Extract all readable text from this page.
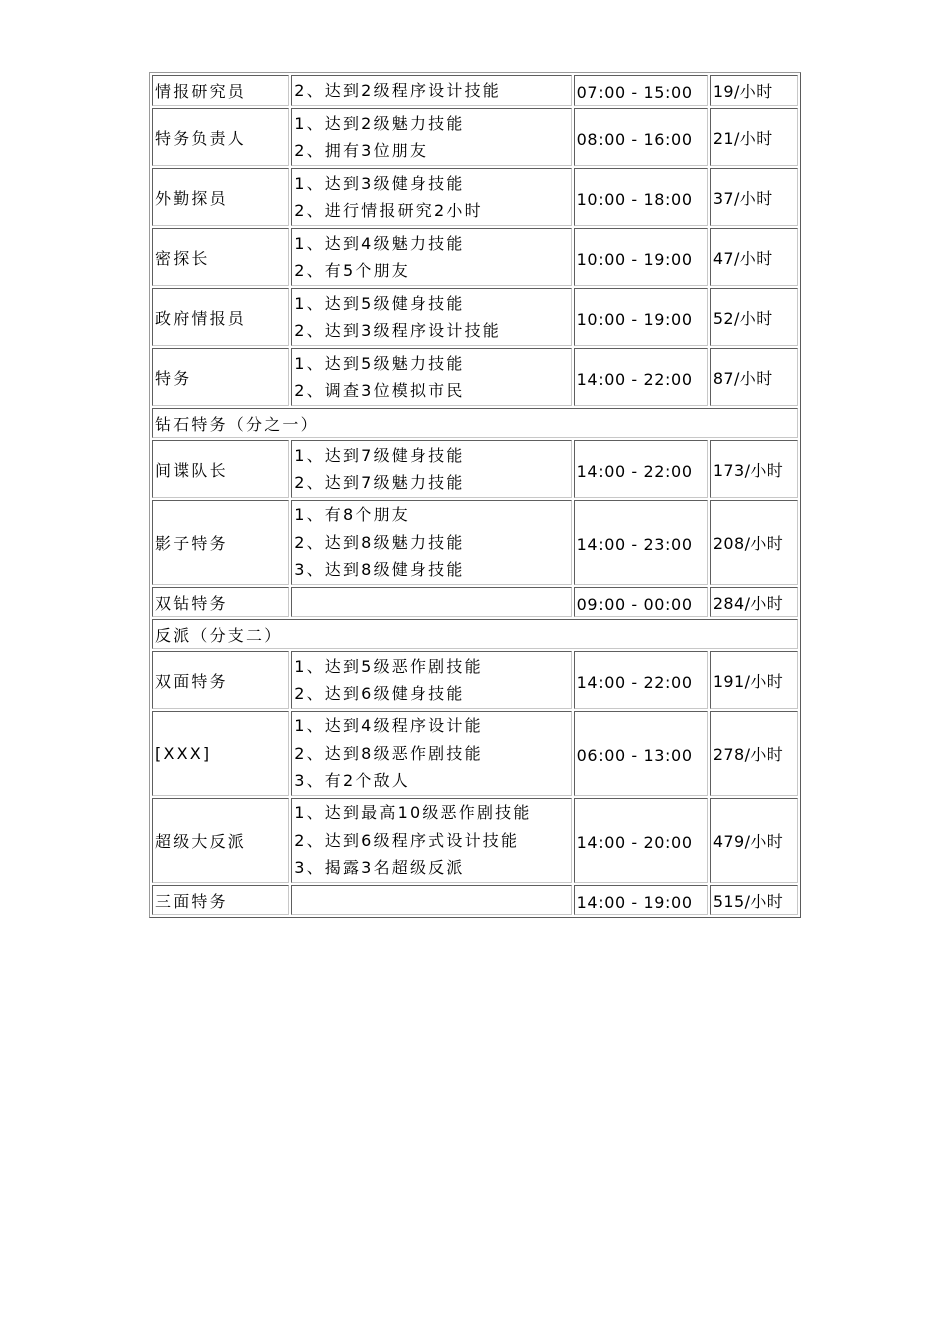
情报研究员	2、达到2级程序设计技能	07:00 - 15:00	19/小时
特务负责人	1、达到2级魅力技能
2、拥有3位朋友	08:00 - 16:00	21/小时
外勤探员	1、达到3级健身技能
2、进行情报研究2小时	10:00 - 18:00	37/小时
密探长	1、达到4级魅力技能
2、有5个朋友	10:00 - 19:00	47/小时
政府情报员	1、达到5级健身技能
2、达到3级程序设计技能	10:00 - 19:00	52/小时
特务	1、达到5级魅力技能
2、调查3位模拟市民	14:00 - 22:00	87/小时
钻石特务（分之一）			
间谍队长	1、达到7级健身技能
2、达到7级魅力技能	14:00 - 22:00	173/小时
影子特务	1、有8个朋友
2、达到8级魅力技能
3、达到8级健身技能	14:00 - 23:00	208/小时
双钻特务		09:00 - 00:00	284/小时
反派（分支二）			
双面特务	1、达到5级恶作剧技能
2、达到6级健身技能	14:00 - 22:00	191/小时
[XXX]	1、达到4级程序设计能
2、达到8级恶作剧技能
3、有2个敌人	06:00 - 13:00	278/小时
超级大反派	1、达到最高10级恶作剧技能
2、达到6级程序式设计技能
3、揭露3名超级反派	14:00 - 20:00	479/小时
三面特务		14:00 - 19:00	515/小时
